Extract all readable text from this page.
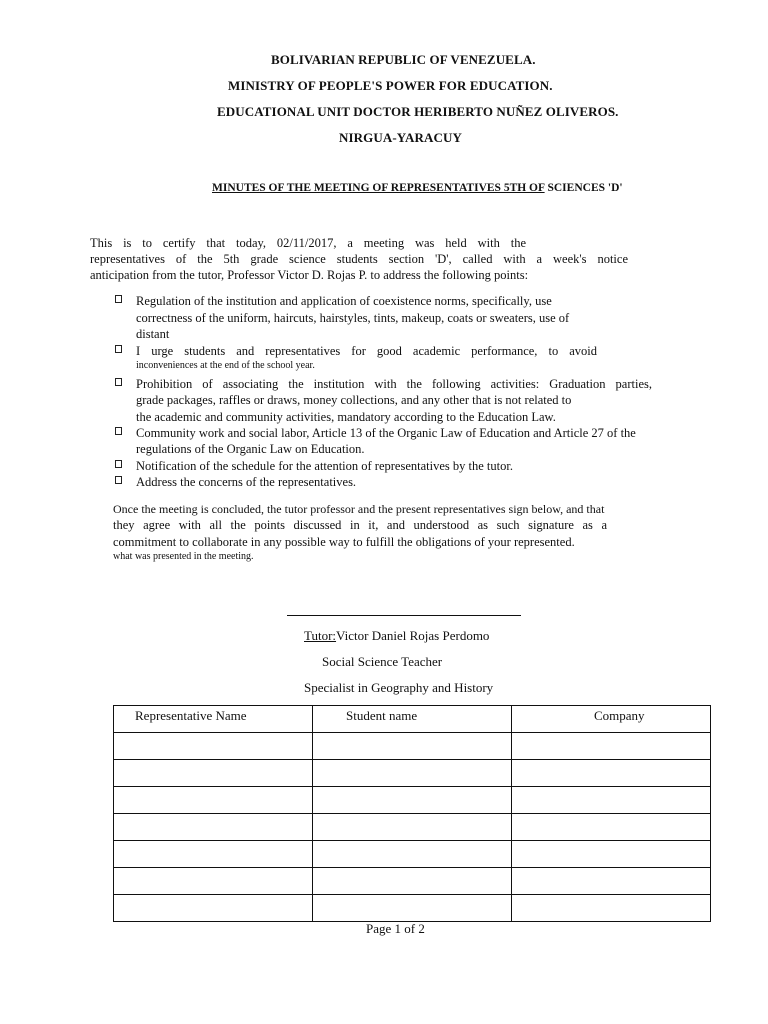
BOLIVARIAN REPUBLIC OF VENEZUELA.
MINISTRY OF PEOPLE'S POWER FOR EDUCATION.
EDUCATIONAL UNIT DOCTOR HERIBERTO NUÑEZ OLIVEROS.
NIRGUA-YARACUY
MINUTES OF THE MEETING OF REPRESENTATIVES 5TH OF SCIENCES 'D'
This is to certify that today, 02/11/2017, a meeting was held with the
representatives of the 5th grade science students section 'D', called with a week's notice
anticipation from the tutor, Professor Victor D. Rojas P. to address the following points:
Regulation of the institution and application of coexistence norms, specifically, use
correctness of the uniform, haircuts, hairstyles, tints, makeup, coats or sweaters, use of
distant
I urge students and representatives for good academic performance, to avoid
inconveniences at the end of the school year.
Prohibition of associating the institution with the following activities: Graduation parties,
grade packages, raffles or draws, money collections, and any other that is not related to
the academic and community activities, mandatory according to the Education Law.
Community work and social labor, Article 13 of the Organic Law of Education and Article 27 of the
regulations of the Organic Law on Education.
Notification of the schedule for the attention of representatives by the tutor.
Address the concerns of the representatives.
Once the meeting is concluded, the tutor professor and the present representatives sign below, and that
they agree with all the points discussed in it, and understood as such signature as a
commitment to collaborate in any possible way to fulfill the obligations of your represented.
what was presented in the meeting.
Tutor:Victor Daniel Rojas Perdomo
Social Science Teacher
Specialist in Geography and History
Representative Name	Student name	Company

Page 1 of 2
